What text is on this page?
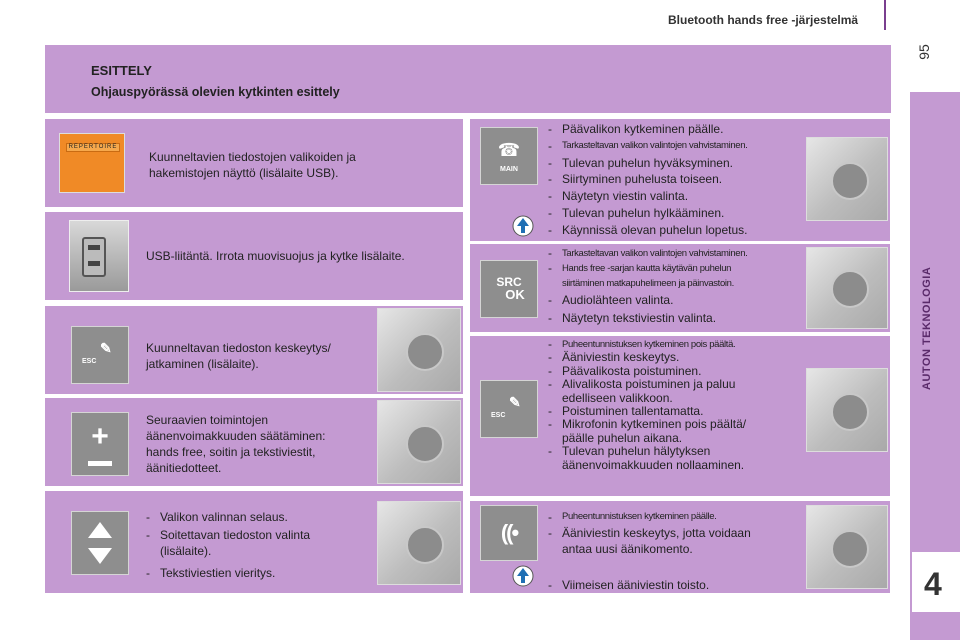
Bluetooth hands free -järjestelmä
95
AUTON TEKNOLOGIA
4
ESITTELY
Ohjauspyörässä olevien kytkinten esittely
REPERTOIRE
Kuunneltavien tiedostojen valikoiden ja
hakemistojen näyttö (lisälaite USB).
USB-liitäntä. Irrota muovisuojus ja kytke lisälaite.
✎
ESC
Kuunneltavan tiedoston keskeytys/
jatkaminen (lisälaite).
+	Seuraavien toimintojen
äänenvoimakkuuden säätäminen:
hands free, soitin ja tekstiviestit,
äänitiedotteet.
- Valikon valinnan selaus.
- Soitettavan tiedoston valinta
(lisälaite).
- Tekstiviestien vieritys.
☎
MAIN
- Päävalikon kytkeminen päälle.
-	Tarkasteltavan valikon valintojen vahvistaminen.
- Tulevan puhelun hyväksyminen.
- Siirtyminen puhelusta toiseen.
- Näytetyn viestin valinta.
- Tulevan puhelun hylkääminen.
- Käynnissä olevan puhelun lopetus.
SRC
OK
-	Tarkasteltavan valikon valintojen vahvistaminen.
-	Hands free -sarjan kautta käytävän puhelun
siirtäminen matkapuhelimeen ja päinvastoin.
- Audiolähteen valinta.
- Näytetyn tekstiviestin valinta.
✎
ESC
-	Puheentunnistuksen kytkeminen pois päältä.
- Ääniviestin keskeytys.
- Päävalikosta poistuminen.
- Alivalikosta poistuminen ja paluu
edelliseen valikkoon.
- Poistuminen tallentamatta.
- Mikrofonin kytkeminen pois päältä/
päälle puhelun aikana.
- Tulevan puhelun hälytyksen
äänenvoimakkuuden nollaaminen.
((•
-	Puheentunnistuksen kytkeminen päälle.
- Ääniviestin keskeytys, jotta voidaan
antaa uusi äänikomento.
- Viimeisen ääniviestin toisto.
